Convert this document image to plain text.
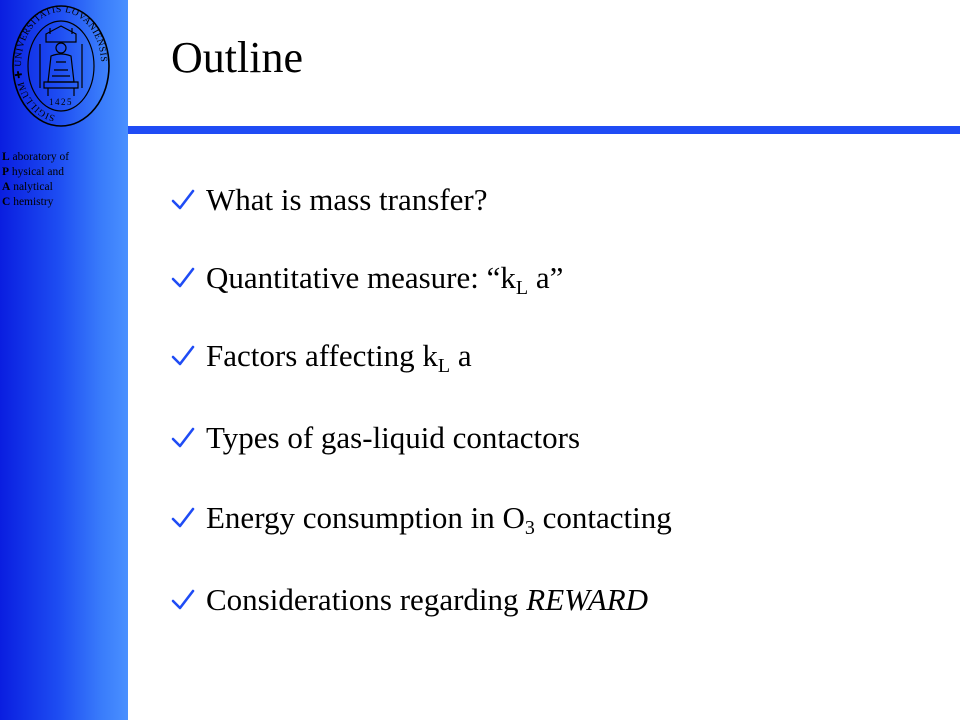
SIGILLUM ✚ UNIVERSITATIS LOVANIENSIS
1425
L aboratory of
P hysical and
A nalytical
C hemistry
Outline
What is mass transfer?
Quantitative measure: “$k_L$ a”
Factors affecting $k_L$ a
Types of gas-liquid contactors
Energy consumption in $O_3$ contacting
Considerations regarding REWARD
